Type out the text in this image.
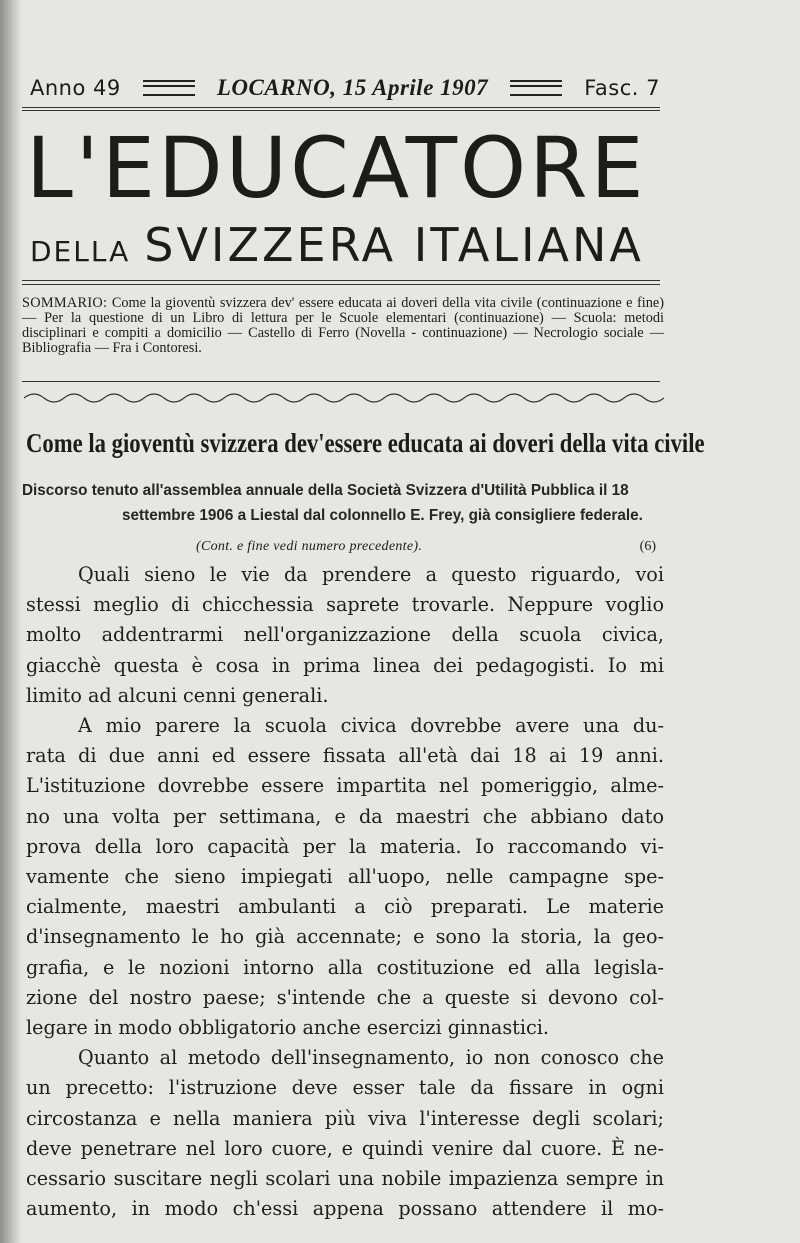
Anno 49	LOCARNO, 15 Aprile 1907	Fasc. 7
L'EDUCATORE
DELLA SVIZZERA ITALIANA
SOMMARIO: Come la gioventù svizzera dev' essere educata ai doveri della vita civile (continuazione e fine) — Per la questione di un Libro di lettura per le Scuole elementari (continuazione) — Scuola: metodi disciplinari e compiti a domicilio — Castello di Ferro (Novella - continuazione) — Necrologio sociale — Bibliografia — Fra i Contoresi.
Come la gioventù svizzera dev'essere educata ai doveri della vita civile
Discorso tenuto all'assemblea annuale della Società Svizzera d'Utilità Pubblica il 18
settembre 1906 a Liestal dal colonnello E. Frey, già consigliere federale.
(Cont. e fine vedi numero precedente).	(6)
Quali sieno le vie da prendere a questo riguardo, voi
stessi meglio di chicchessia saprete trovarle. Neppure voglio
molto addentrarmi nell'organizzazione della scuola civica,
giacchè questa è cosa in prima linea dei pedagogisti. Io mi
limito ad alcuni cenni generali.
A mio parere la scuola civica dovrebbe avere una du-
rata di due anni ed essere fissata all'età dai 18 ai 19 anni.
L'istituzione dovrebbe essere impartita nel pomeriggio, alme-
no una volta per settimana, e da maestri che abbiano dato
prova della loro capacità per la materia. Io raccomando vi-
vamente che sieno impiegati all'uopo, nelle campagne spe-
cialmente, maestri ambulanti a ciò preparati. Le materie
d'insegnamento le ho già accennate; e sono la storia, la geo-
grafia, e le nozioni intorno alla costituzione ed alla legisla-
zione del nostro paese; s'intende che a queste si devono col-
legare in modo obbligatorio anche esercizi ginnastici.
Quanto al metodo dell'insegnamento, io non conosco che
un precetto: l'istruzione deve esser tale da fissare in ogni
circostanza e nella maniera più viva l'interesse degli scolari;
deve penetrare nel loro cuore, e quindi venire dal cuore. È ne-
cessario suscitare negli scolari una nobile impazienza sempre in
aumento, in modo ch'essi appena possano attendere il mo-
